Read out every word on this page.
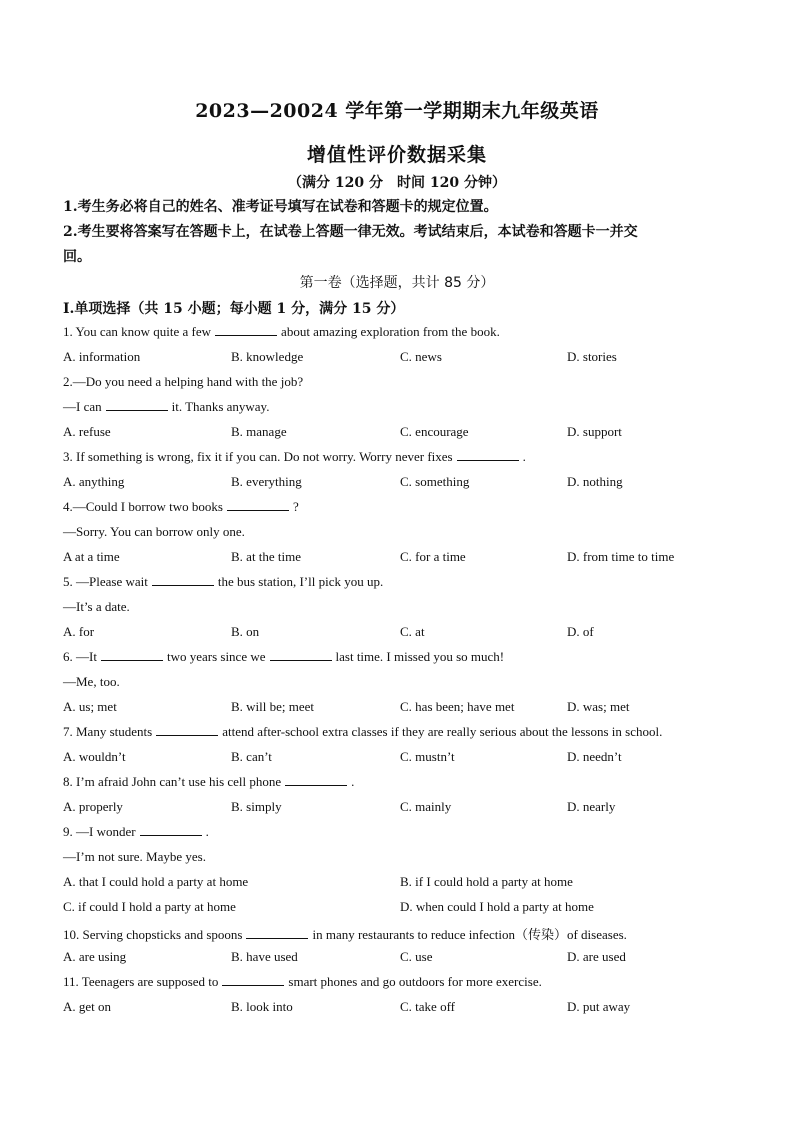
2023—20024 学年第一学期期末九年级英语
增值性评价数据采集
（满分 120 分　时间 120 分钟）
1.考生务必将自己的姓名、准考证号填写在试卷和答题卡的规定位置。
2.考生要将答案写在答题卡上，在试卷上答题一律无效。考试结束后，本试卷和答题卡一并交
回。
第一卷（选择题，共计 85 分）
Ⅰ.单项选择（共 15 小题；每小题 1 分，满分 15 分）
1. You can know quite a few	about amazing exploration from the book.
A. information	B. knowledge	C. news	D. stories
2.—Do you need a helping hand with the job?
—I can	it. Thanks anyway.
A. refuse	B. manage	C. encourage	D. support
3. If something is wrong, fix it if you can. Do not worry. Worry never fixes	.
A. anything	B. everything	C. something	D. nothing
4.—Could I borrow two books	?
—Sorry. You can borrow only one.
A at a time	B. at the time	C. for a time	D. from time to time
5. —Please wait	the bus station, I’ll pick you up.
—It’s a date.
A. for	B. on	C. at	D. of
6. —It	two years since we	last time. I missed you so much!
—Me, too.
A. us; met	B. will be; meet	C. has been; have met	D. was; met
7. Many students	attend after-school extra classes if they are really serious about the lessons in school.
A. wouldn’t	B. can’t	C. mustn’t	D. needn’t
8. I’m afraid John can’t use his cell phone	.
A. properly	B. simply	C. mainly	D. nearly
9. —I wonder	.
—I’m not sure. Maybe yes.
A. that I could hold a party at home	B. if I could hold a party at home
C. if could I hold a party at home	D. when could I hold a party at home
10. Serving chopsticks and spoons	in many restaurants to reduce infection（传染）of diseases.
A. are using	B. have used	C. use	D. are used
11. Teenagers are supposed to	smart phones and go outdoors for more exercise.
A. get on	B. look into	C. take off	D. put away
